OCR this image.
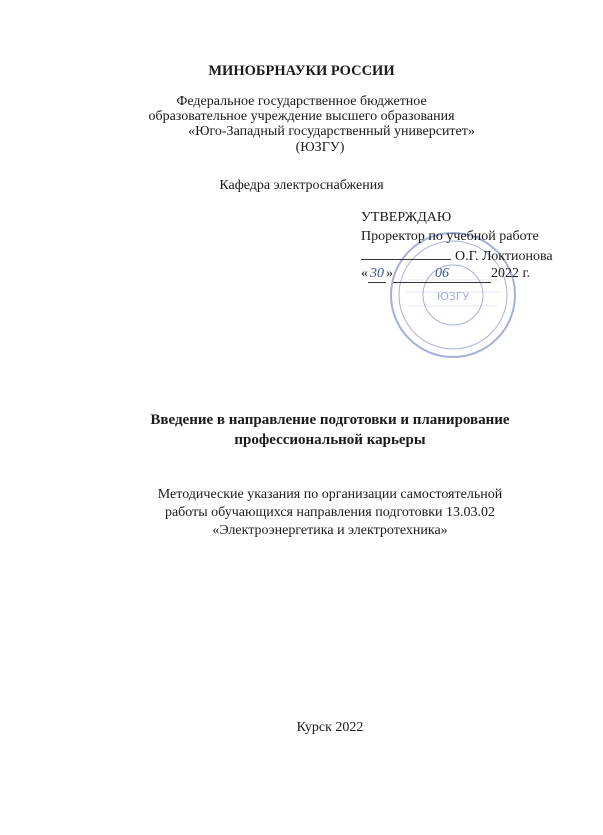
МИНОБРНАУКИ РОССИИ
Федеральное государственное бюджетное
образовательное учреждение высшего образования
«Юго-Западный государственный университет»
(ЮЗГУ)
Кафедра электроснабжения
ЮЗГУ
УТВЕРЖДАЮ
Проректор по учебной работе
О.Г. Локтионова
« 30 »	06	2022 г.
Введение в направление подготовки и планирование
профессиональной карьеры
Методические указания по организации самостоятельной
работы обучающихся направления подготовки 13.03.02
«Электроэнергетика и электротехника»
Курск 2022
